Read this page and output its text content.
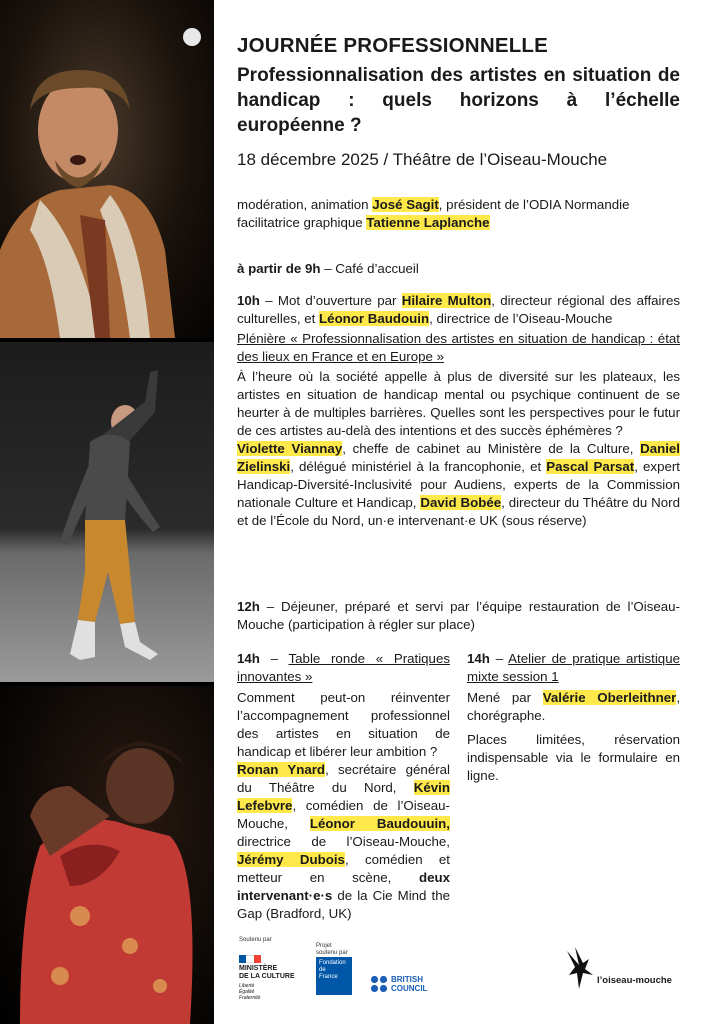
JOURNÉE PROFESSIONNELLE
Professionnalisation des artistes en situation de handicap : quels horizons à l’échelle européenne ?
18 décembre 2025 / Théâtre de l’Oiseau-Mouche

modération, animation José Sagit, président de l’ODIA Normandie

facilitatrice graphique Tatienne Laplanche

à partir de 9h – Café d’accueil

10h – Mot d’ouverture par Hilaire Multon, directeur régional des affaires culturelles, et Léonor Baudouin, directrice de l’Oiseau-Mouche

Plénière « Professionnalisation des artistes en situation de handicap : état des lieux en France et en Europe »

À l’heure où la société appelle à plus de diversité sur les plateaux, les artistes en situation de handicap mental ou psychique continuent de se heurter à de multiples barrières. Quelles sont les perspectives pour le futur de ces artistes au-delà des intentions et des succès éphémères ?

Violette Viannay, cheffe de cabinet au Ministère de la Culture, Daniel Zielinski, délégué ministériel à la francophonie, et Pascal Parsat, expert Handicap-Diversité-Inclusivité pour Audiens, experts de la Commission nationale Culture et Handicap, David Bobée, directeur du Théâtre du Nord et de l’École du Nord, un·e intervenant·e UK (sous réserve)

12h – Déjeuner, préparé et servi par l’équipe restauration de l’Oiseau-Mouche (participation à régler sur place)

14h – Table ronde « Pratiques innovantes »

Comment peut-on réinventer l’accompagnement professionnel des artistes en situation de handicap et libérer leur ambition ?

Ronan Ynard, secrétaire général du Théâtre du Nord, Kévin Lefebvre, comédien de l’Oiseau-Mouche, Léonor Baudouuin, directrice de l’Oiseau-Mouche, Jérémy Dubois, comédien et metteur en scène, deux intervenant·e·s de la Cie Mind the Gap (Bradford, UK)

14h – Atelier de pratique artistique mixte session 1

Mené par Valérie Oberleithner, chorégraphe.

Places limitées, réservation indispensable via le formulaire en ligne.

Soutenu par
MINISTÈRE
DE LA CULTURE
Liberté
Égalité
Fraternité
Projet
soutenu par
Fondation
de
France	BRITISH
COUNCIL
l’oiseau-mouche
